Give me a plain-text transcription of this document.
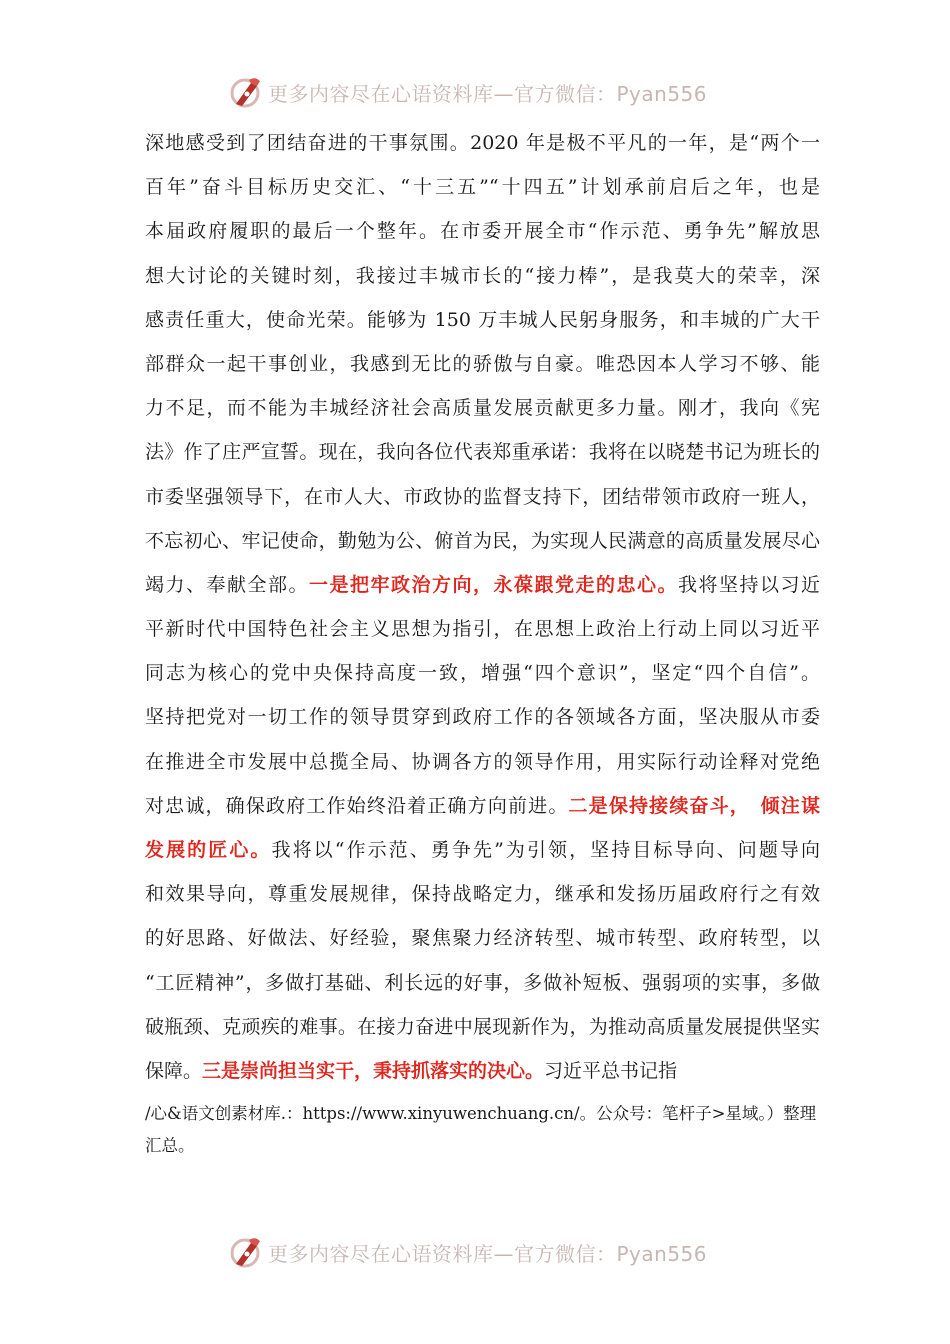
更多内容尽在心语资料库—官方微信：Pyan556
深地感受到了团结奋进的干事氛围。2020 年是极不平凡的一年，是“两个一
百年”奋斗目标历史交汇、“十三五”“十四五”计划承前启后之年，也是
本届政府履职的最后一个整年。在市委开展全市“作示范、勇争先”解放思
想大讨论的关键时刻，我接过丰城市长的“接力棒”，是我莫大的荣幸，深
感责任重大，使命光荣。能够为 150 万丰城人民躬身服务，和丰城的广大干
部群众一起干事创业，我感到无比的骄傲与自豪。唯恐因本人学习不够、能
力不足，而不能为丰城经济社会高质量发展贡献更多力量。刚才，我向《宪
法》作了庄严宣誓。现在，我向各位代表郑重承诺：我将在以晓楚书记为班长的
市委坚强领导下，在市人大、市政协的监督支持下，团结带领市政府一班人，
不忘初心、牢记使命，勤勉为公、俯首为民，为实现人民满意的高质量发展尽心
竭力、奉献全部。一是把牢政治方向，永葆跟党走的忠心。我将坚持以习近
平新时代中国特色社会主义思想为指引，在思想上政治上行动上同以习近平
同志为核心的党中央保持高度一致，增强“四个意识”，坚定“四个自信”。
坚持把党对一切工作的领导贯穿到政府工作的各领域各方面，坚决服从市委
在推进全市发展中总揽全局、协调各方的领导作用，用实际行动诠释对党绝
对忠诚，确保政府工作始终沿着正确方向前进。二是保持接续奋斗，　倾注谋
发展的匠心。我将以“作示范、勇争先”为引领，坚持目标导向、问题导向
和效果导向，尊重发展规律，保持战略定力，继承和发扬历届政府行之有效
的好思路、好做法、好经验，聚焦聚力经济转型、城市转型、政府转型，以
“工匠精神”，多做打基础、利长远的好事，多做补短板、强弱项的实事，多做
破瓶颈、克顽疾的难事。在接力奋进中展现新作为，为推动高质量发展提供坚实
保障。三是崇尚担当实干，秉持抓落实的决心。习近平总书记指
/心&语文创素材库.：https://www.xinyuwenchuang.cn/。公众号：笔杆子>星域。）整理
汇总。
更多内容尽在心语资料库—官方微信：Pyan556
